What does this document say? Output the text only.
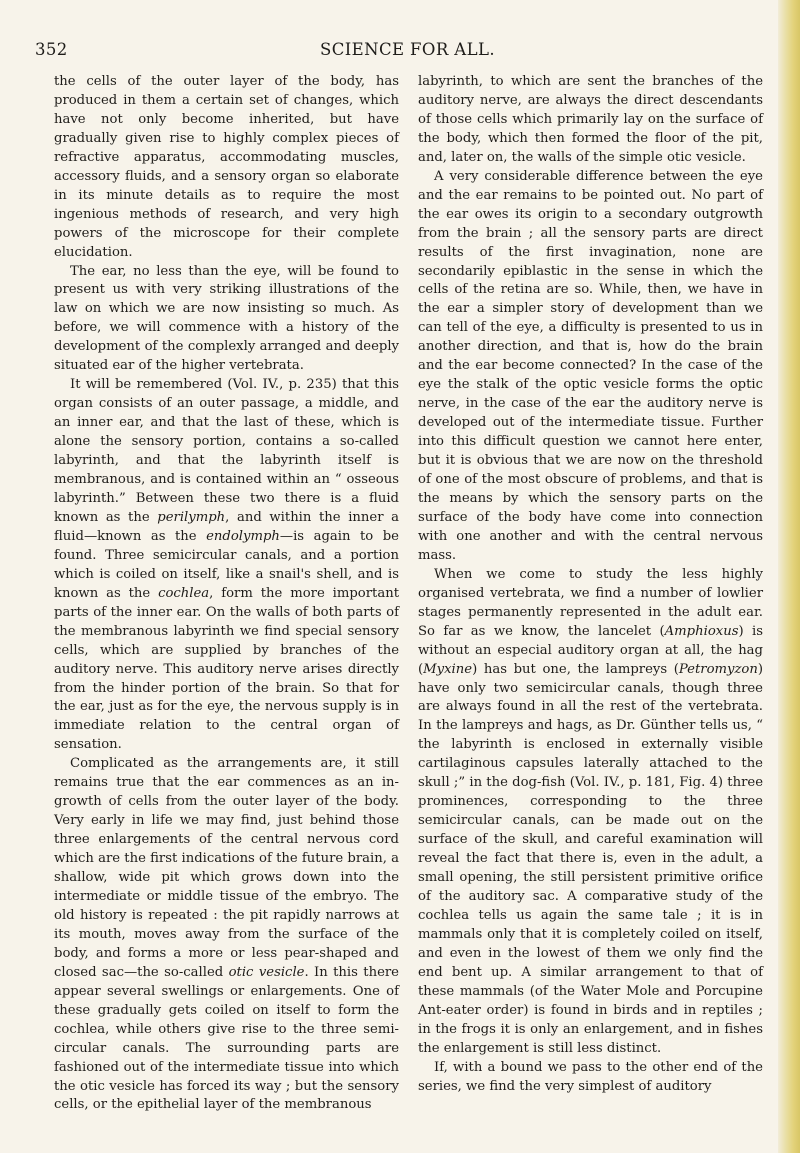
352	SCIENCE FOR ALL.

the cells of the outer layer of the body, has produced in them a certain set of changes, which have not only become inherited, but have gradually given rise to highly complex pieces of refractive apparatus, accommodating muscles, accessory fluids, and a sensory organ so elaborate in its minute details as to require the most ingenious methods of research, and very high powers of the microscope for their complete elucidation.

The ear, no less than the eye, will be found to present us with very striking illustrations of the law on which we are now insisting so much. As before, we will commence with a history of the development of the complexly arranged and deeply situated ear of the higher vertebrata.

It will be remembered (Vol. IV., p. 235) that this organ consists of an outer passage, a middle, and an inner ear, and that the last of these, which is alone the sensory portion, contains a so-called labyrinth, and that the labyrinth itself is membranous, and is contained within an “ osseous labyrinth.” Between these two there is a fluid known as the perilymph, and within the inner a fluid—known as the endolymph—is again to be found. Three semicircular canals, and a portion which is coiled on itself, like a snail's shell, and is known as the cochlea, form the more important parts of the inner ear. On the walls of both parts of the membranous labyrinth we find special sensory cells, which are supplied by branches of the auditory nerve. This auditory nerve arises directly from the hinder portion of the brain. So that for the ear, just as for the eye, the nervous supply is in immediate relation to the central organ of sensation.

Complicated as the arrangements are, it still remains true that the ear commences as an in-growth of cells from the outer layer of the body. Very early in life we may find, just behind those three enlargements of the central nervous cord which are the first indications of the future brain, a shallow, wide pit which grows down into the intermediate or middle tissue of the embryo. The old history is repeated : the pit rapidly narrows at its mouth, moves away from the surface of the body, and forms a more or less pear-shaped and closed sac—the so-called otic vesicle. In this there appear several swellings or enlargements. One of these gradually gets coiled on itself to form the cochlea, while others give rise to the three semi-circular canals. The surrounding parts are fashioned out of the intermediate tissue into which the otic vesicle has forced its way ; but the sensory cells, or the epithelial layer of the membranous

labyrinth, to which are sent the branches of the auditory nerve, are always the direct descendants of those cells which primarily lay on the surface of the body, which then formed the floor of the pit, and, later on, the walls of the simple otic vesicle.

A very considerable difference between the eye and the ear remains to be pointed out. No part of the ear owes its origin to a secondary outgrowth from the brain ; all the sensory parts are direct results of the first invagination, none are secondarily epiblastic in the sense in which the cells of the retina are so. While, then, we have in the ear a simpler story of development than we can tell of the eye, a difficulty is presented to us in another direction, and that is, how do the brain and the ear become connected? In the case of the eye the stalk of the optic vesicle forms the optic nerve, in the case of the ear the auditory nerve is developed out of the intermediate tissue. Further into this difficult question we cannot here enter, but it is obvious that we are now on the threshold of one of the most obscure of problems, and that is the means by which the sensory parts on the surface of the body have come into connection with one another and with the central nervous mass.

When we come to study the less highly organised vertebrata, we find a number of lowlier stages permanently represented in the adult ear. So far as we know, the lancelet (Amphioxus) is without an especial auditory organ at all, the hag (Myxine) has but one, the lampreys (Petromyzon) have only two semicircular canals, though three are always found in all the rest of the vertebrata. In the lampreys and hags, as Dr. Günther tells us, “ the labyrinth is enclosed in externally visible cartilaginous capsules laterally attached to the skull ;” in the dog-fish (Vol. IV., p. 181, Fig. 4) three prominences, corresponding to the three semicircular canals, can be made out on the surface of the skull, and careful examination will reveal the fact that there is, even in the adult, a small opening, the still persistent primitive orifice of the auditory sac. A comparative study of the cochlea tells us again the same tale ; it is in mammals only that it is completely coiled on itself, and even in the lowest of them we only find the end bent up. A similar arrangement to that of these mammals (of the Water Mole and Porcupine Ant-eater order) is found in birds and in reptiles ; in the frogs it is only an enlargement, and in fishes the enlargement is still less distinct.

If, with a bound we pass to the other end of the series, we find the very simplest of auditory
